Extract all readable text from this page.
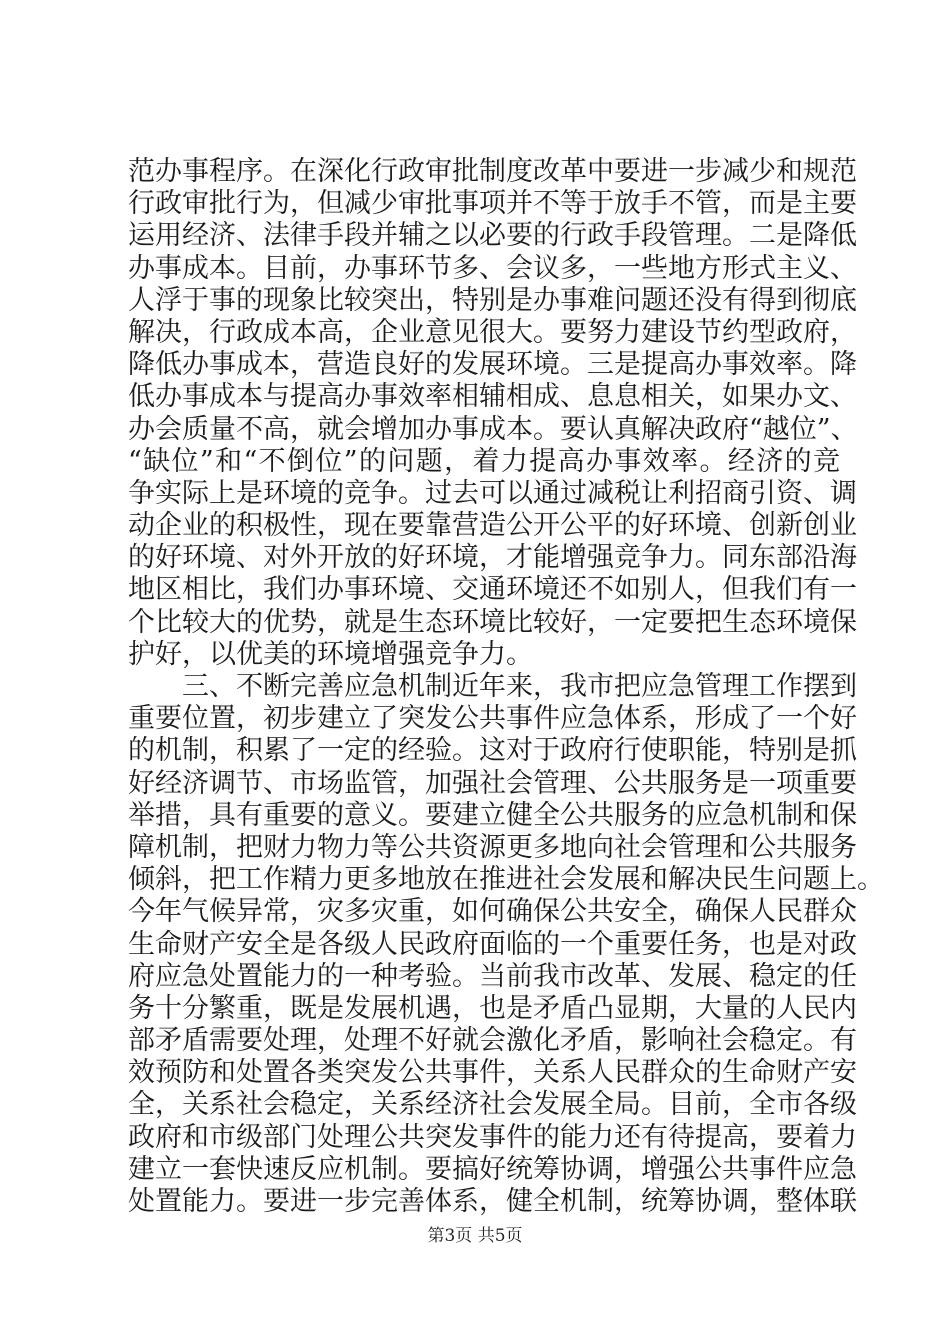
范办事程序。在深化行政审批制度改革中要进一步减少和规范
行政审批行为，但减少审批事项并不等于放手不管，而是主要
运用经济、法律手段并辅之以必要的行政手段管理。二是降低
办事成本。目前，办事环节多、会议多，一些地方形式主义、
人浮于事的现象比较突出，特别是办事难问题还没有得到彻底
解决，行政成本高，企业意见很大。要努力建设节约型政府，
降低办事成本，营造良好的发展环境。三是提高办事效率。降
低办事成本与提高办事效率相辅相成、息息相关，如果办文、
办会质量不高，就会增加办事成本。要认真解决政府“越位”、
“缺位”和“不倒位”的问题，着力提高办事效率。经济的竞
争实际上是环境的竞争。过去可以通过减税让利招商引资、调
动企业的积极性，现在要靠营造公开公平的好环境、创新创业
的好环境、对外开放的好环境，才能增强竞争力。同东部沿海
地区相比，我们办事环境、交通环境还不如别人，但我们有一
个比较大的优势，就是生态环境比较好，一定要把生态环境保
护好，以优美的环境增强竞争力。
三、不断完善应急机制近年来，我市把应急管理工作摆到
重要位置，初步建立了突发公共事件应急体系，形成了一个好
的机制，积累了一定的经验。这对于政府行使职能，特别是抓
好经济调节、市场监管，加强社会管理、公共服务是一项重要
举措，具有重要的意义。要建立健全公共服务的应急机制和保
障机制，把财力物力等公共资源更多地向社会管理和公共服务
倾斜，把工作精力更多地放在推进社会发展和解决民生问题上。
今年气候异常，灾多灾重，如何确保公共安全，确保人民群众
生命财产安全是各级人民政府面临的一个重要任务，也是对政
府应急处置能力的一种考验。当前我市改革、发展、稳定的任
务十分繁重，既是发展机遇，也是矛盾凸显期，大量的人民内
部矛盾需要处理，处理不好就会激化矛盾，影响社会稳定。有
效预防和处置各类突发公共事件，关系人民群众的生命财产安
全，关系社会稳定，关系经济社会发展全局。目前，全市各级
政府和市级部门处理公共突发事件的能力还有待提高，要着力
建立一套快速反应机制。要搞好统筹协调，增强公共事件应急
处置能力。要进一步完善体系，健全机制，统筹协调，整体联
第3页 共5页
